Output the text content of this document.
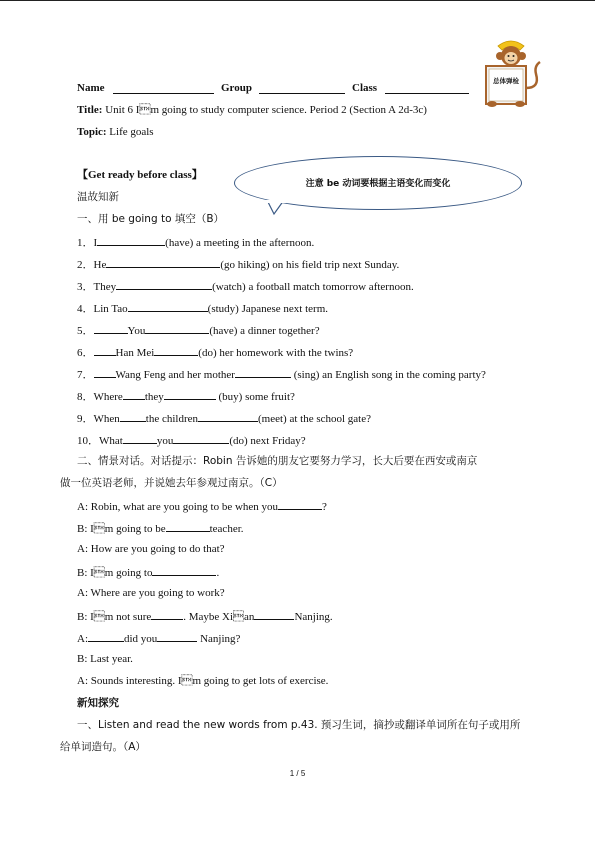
Name	Group	Class
Title: Unit 6 Im going to study computer science. Period 2 (Section A 2d-3c)
Topic: Life goals
总体弹检
注意 be 动词要根据主语变化而变化
【Get ready before class】
温故知新
一、用 be going to 填空（B）
1．I	(have) a meeting in the afternoon.
2．He	(go hiking) on his field trip next Sunday.
3．They	(watch) a football match tomorrow afternoon.
4．Lin Tao	(study) Japanese next term.
5．	You	(have) a dinner together?
6． Han Mei	(do) her homework with the twins?
7． Wang Feng and her mother	(sing) an English song in the coming party?
8．Where they	(buy) some fruit?
9．When the children	(meet) at the school gate?
10．What	you	(do) next Friday?
二、情景对话。对话提示：Robin 告诉她的朋友它要努力学习，长大后要在西安或南京
做一位英语老师，并说她去年参观过南京。（C）
A: Robin, what are you going to be when you	?
B: Im going to be	teacher.
A: How are you going to do that?
B: Im going to	.
A: Where are you going to work?
B: Im not sure	. Maybe Xian	Nanjing.
A:	did you	Nanjing?
B: Last year.
A: Sounds interesting. Im going to get lots of exercise.
新知探究
一、Listen and read the new words from p.43. 预习生词，摘抄或翻译单词所在句子或用所
给单词造句。（A）
1 / 5
